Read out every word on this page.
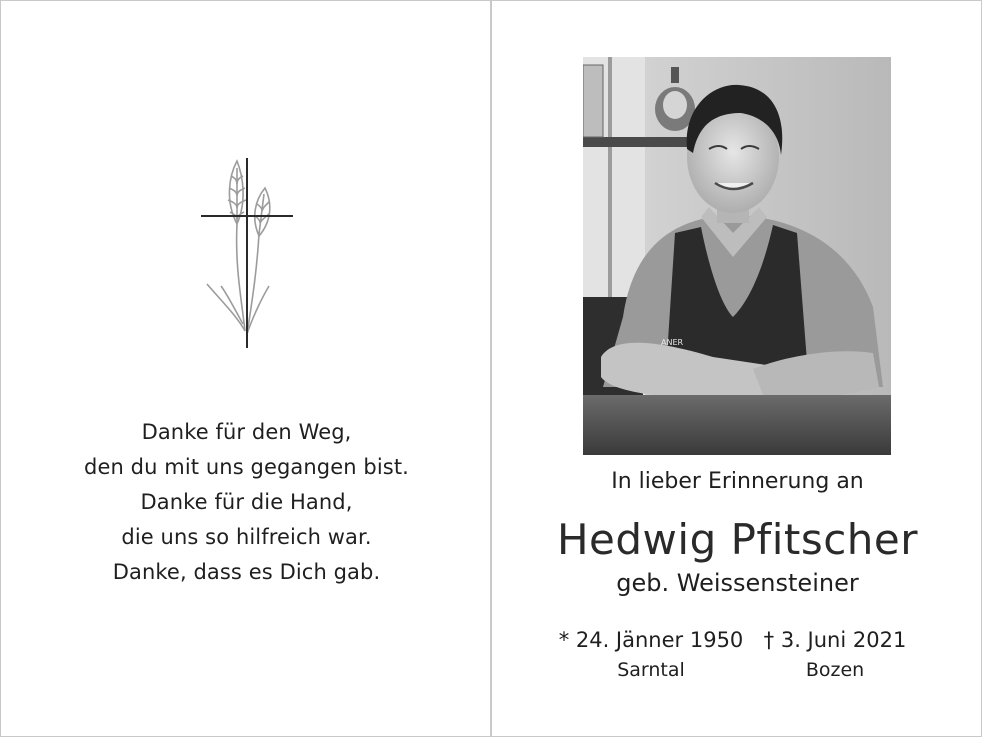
Danke für den Weg,
den du mit uns gegangen bist.
Danke für die Hand,
die uns so hilfreich war.
Danke, dass es Dich gab.
ANER
In lieber Erinnerung an
Hedwig Pfitscher
geb. Weissensteiner
* 24. Jänner 1950
Sarntal
† 3. Juni 2021
Bozen
